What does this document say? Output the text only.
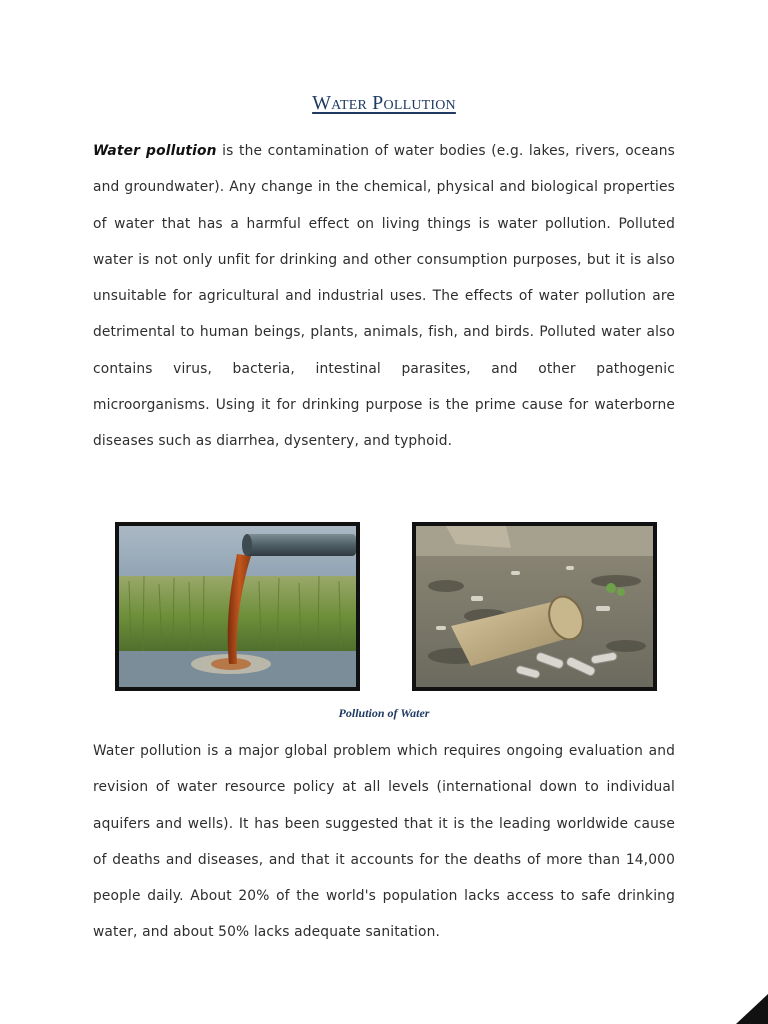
Water Pollution

Water pollution is the contamination of water bodies (e.g. lakes, rivers, oceans and groundwater). Any change in the chemical, physical and biological properties of water that has a harmful effect on living things is water pollution. Polluted water is not only unfit for drinking and other consumption purposes, but it is also unsuitable for agricultural and industrial uses. The effects of water pollution are detrimental to human beings, plants, animals, fish, and birds. Polluted water also contains virus, bacteria, intestinal parasites, and other pathogenic microorganisms. Using it for drinking purpose is the prime cause for waterborne diseases such as diarrhea, dysentery, and typhoid.

Pollution of Water

Water pollution is a major global problem which requires ongoing evaluation and revision of water resource policy at all levels (international down to individual aquifers and wells). It has been suggested that it is the leading worldwide cause of deaths and diseases, and that it accounts for the deaths of more than 14,000 people daily. About 20% of the world's population lacks access to safe drinking water, and about 50% lacks adequate sanitation.
